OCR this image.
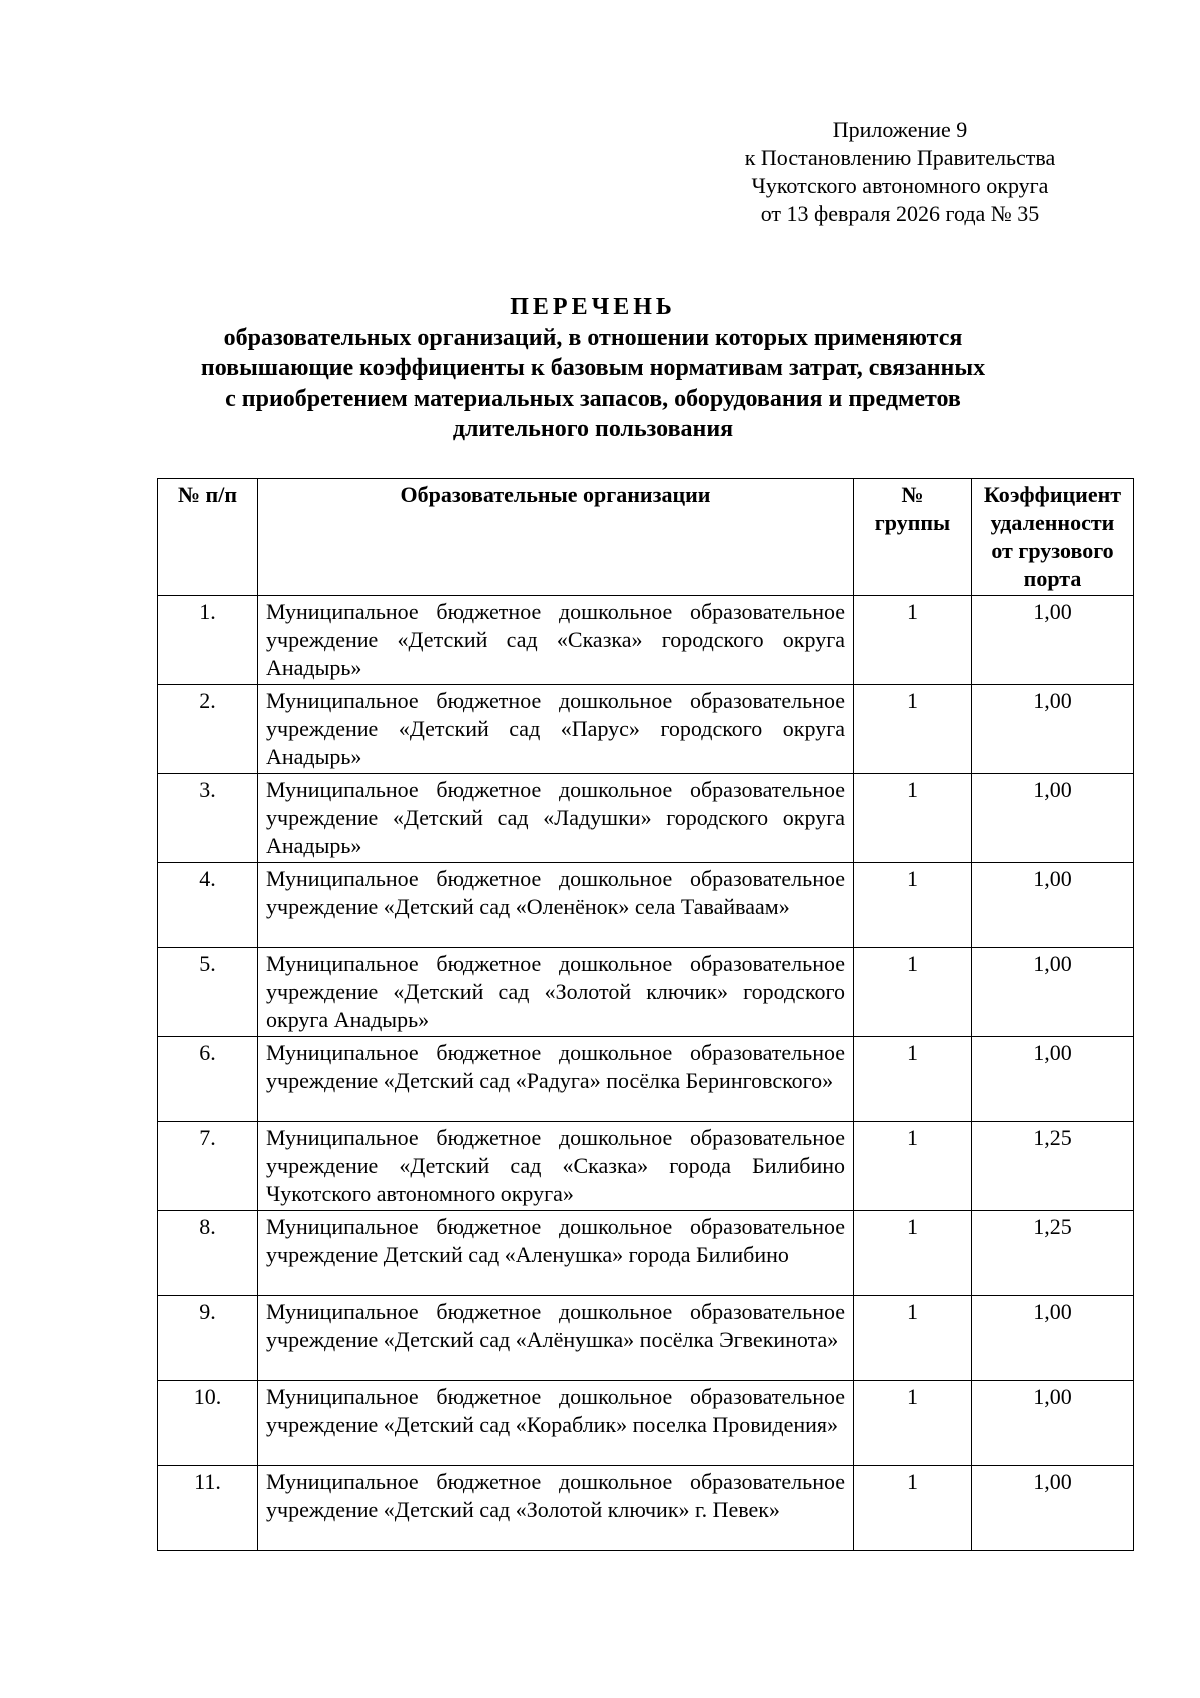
Приложение 9
к Постановлению Правительства
Чукотского автономного округа
от 13 февраля 2026 года № 35
ПЕРЕЧЕНЬ
образовательных организаций, в отношении которых применяются
повышающие коэффициенты к базовым нормативам затрат, связанных
с приобретением материальных запасов, оборудования и предметов
длительного пользования
№ п/п	Образовательные организации	№ группы	Коэффициент удаленности от грузового порта
1.	Муниципальное бюджетное дошкольное образовательное учреждение «Детский сад «Сказка» городского округа Анадырь»	1	1,00
2.	Муниципальное бюджетное дошкольное образовательное учреждение «Детский сад «Парус» городского округа Анадырь»	1	1,00
3.	Муниципальное бюджетное дошкольное образовательное учреждение «Детский сад «Ладушки» городского округа Анадырь»	1	1,00
4.	Муниципальное бюджетное дошкольное образовательное учреждение «Детский сад «Оленёнок» села Тавайваам»	1	1,00
5.	Муниципальное бюджетное дошкольное образовательное учреждение «Детский сад «Золотой ключик» городского округа Анадырь»	1	1,00
6.	Муниципальное бюджетное дошкольное образовательное учреждение «Детский сад «Радуга» посёлка Беринговского»	1	1,00
7.	Муниципальное бюджетное дошкольное образовательное учреждение «Детский сад «Сказка» города Билибино Чукотского автономного округа»	1	1,25
8.	Муниципальное бюджетное дошкольное образовательное учреждение Детский сад «Аленушка» города Билибино	1	1,25
9.	Муниципальное бюджетное дошкольное образовательное учреждение «Детский сад «Алёнушка» посёлка Эгвекинота»	1	1,00
10.	Муниципальное бюджетное дошкольное образовательное учреждение «Детский сад «Кораблик» поселка Провидения»	1	1,00
11.	Муниципальное бюджетное дошкольное образовательное учреждение «Детский сад «Золотой ключик» г. Певек»	1	1,00
